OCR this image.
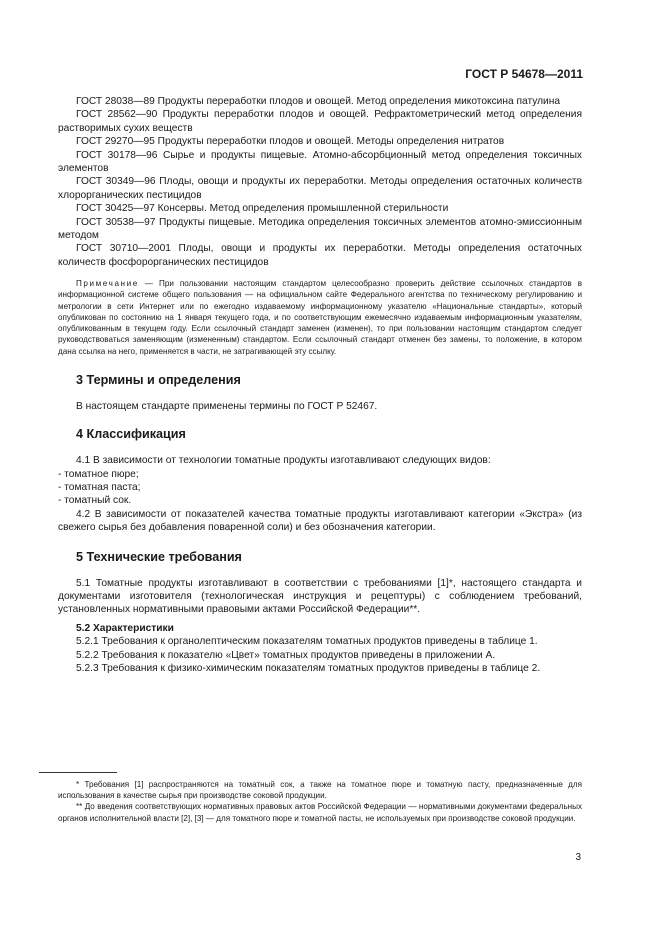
ГОСТ Р 54678—2011

ГОСТ 28038—89 Продукты переработки плодов и овощей. Метод определения микотоксина патулина

ГОСТ 28562—90 Продукты переработки плодов и овощей. Рефрактометрический метод определения растворимых сухих веществ

ГОСТ 29270—95 Продукты переработки плодов и овощей. Методы определения нитратов

ГОСТ 30178—96 Сырье и продукты пищевые. Атомно-абсорбционный метод определения токсичных элементов

ГОСТ 30349—96 Плоды, овощи и продукты их переработки. Методы определения остаточных количеств хлорорганических пестицидов

ГОСТ 30425—97 Консервы. Метод определения промышленной стерильности

ГОСТ 30538—97 Продукты пищевые. Методика определения токсичных элементов атомно-эмиссионным методом

ГОСТ 30710—2001 Плоды, овощи и продукты их переработки. Методы определения остаточных количеств фосфорорганических пестицидов

Примечание — При пользовании настоящим стандартом целесообразно проверить действие ссылочных стандартов в информационной системе общего пользования — на официальном сайте Федерального агентства по техническому регулированию и метрологии в сети Интернет или по ежегодно издаваемому информационному указателю «Национальные стандарты», который опубликован по состоянию на 1 января текущего года, и по соответствующим ежемесячно издаваемым информационным указателям, опубликованным в текущем году. Если ссылочный стандарт заменен (изменен), то при пользовании настоящим стандартом следует руководствоваться заменяющим (измененным) стандартом. Если ссылочный стандарт отменен без замены, то положение, в котором дана ссылка на него, применяется в части, не затрагивающей эту ссылку.

3 Термины и определения

В настоящем стандарте применены термины по ГОСТ Р 52467.

4 Классификация

4.1 В зависимости от технологии томатные продукты изготавливают следующих видов:

- томатное пюре;

- томатная паста;

- томатный сок.

4.2 В зависимости от показателей качества томатные продукты изготавливают категории «Экстра» (из свежего сырья без добавления поваренной соли) и без обозначения категории.

5 Технические требования

5.1 Томатные продукты изготавливают в соответствии с требованиями [1]*, настоящего стандарта и документами изготовителя (технологическая инструкция и рецептуры) с соблюдением требований, установленных нормативными правовыми актами Российской Федерации**.

5.2 Характеристики

5.2.1 Требования к органолептическим показателям томатных продуктов приведены в таблице 1.

5.2.2 Требования к показателю «Цвет» томатных продуктов приведены в приложении А.

5.2.3 Требования к физико-химическим показателям томатных продуктов приведены в таблице 2.

* Требования [1] распространяются на томатный сок, а также на томатное пюре и томатную пасту, предназначенные для использования в качестве сырья при производстве соковой продукции.

** До введения соответствующих нормативных правовых актов Российской Федерации — нормативными документами федеральных органов исполнительной власти [2], [3] — для томатного пюре и томатной пасты, не используемых при производстве соковой продукции.

3
